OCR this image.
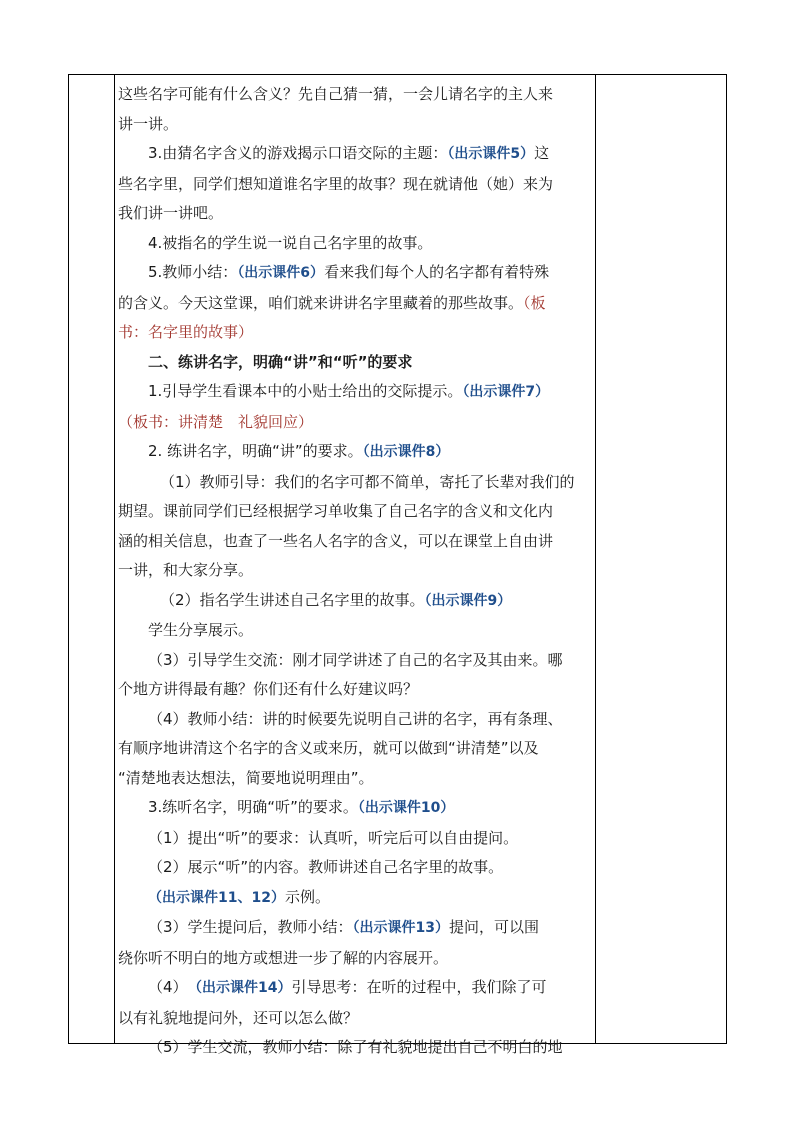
这些名字可能有什么含义？先自己猜一猜，一会儿请名字的主人来

讲一讲。

3.由猜名字含义的游戏揭示口语交际的主题：（出示课件5）这

些名字里，同学们想知道谁名字里的故事？现在就请他（她）来为

我们讲一讲吧。

4.被指名的学生说一说自己名字里的故事。

5.教师小结：（出示课件6）看来我们每个人的名字都有着特殊

的含义。今天这堂课，咱们就来讲讲名字里藏着的那些故事。（板

书：名字里的故事）

二、练讲名字，明确“讲”和“听”的要求

1.引导学生看课本中的小贴士给出的交际提示。（出示课件7）

（板书：讲清楚　礼貌回应）

2. 练讲名字，明确“讲”的要求。（出示课件8）

（1）教师引导：我们的名字可都不简单，寄托了长辈对我们的

期望。课前同学们已经根据学习单收集了自己名字的含义和文化内

涵的相关信息，也查了一些名人名字的含义，可以在课堂上自由讲

一讲，和大家分享。

（2）指名学生讲述自己名字里的故事。（出示课件9）

学生分享展示。

（3）引导学生交流：刚才同学讲述了自己的名字及其由来。哪

个地方讲得最有趣？你们还有什么好建议吗？

（4）教师小结：讲的时候要先说明自己讲的名字，再有条理、

有顺序地讲清这个名字的含义或来历，就可以做到“讲清楚”以及

“清楚地表达想法，简要地说明理由”。

3.练听名字，明确“听”的要求。（出示课件10）

（1）提出“听”的要求：认真听，听完后可以自由提问。

（2）展示“听”的内容。教师讲述自己名字里的故事。

（出示课件11、12）示例。

（3）学生提问后，教师小结：（出示课件13）提问，可以围

绕你听不明白的地方或想进一步了解的内容展开。

（4）　（出示课件14）引导思考：在听的过程中，我们除了可

以有礼貌地提问外，还可以怎么做？

（5）学生交流，教师小结：除了有礼貌地提出自己不明白的地
